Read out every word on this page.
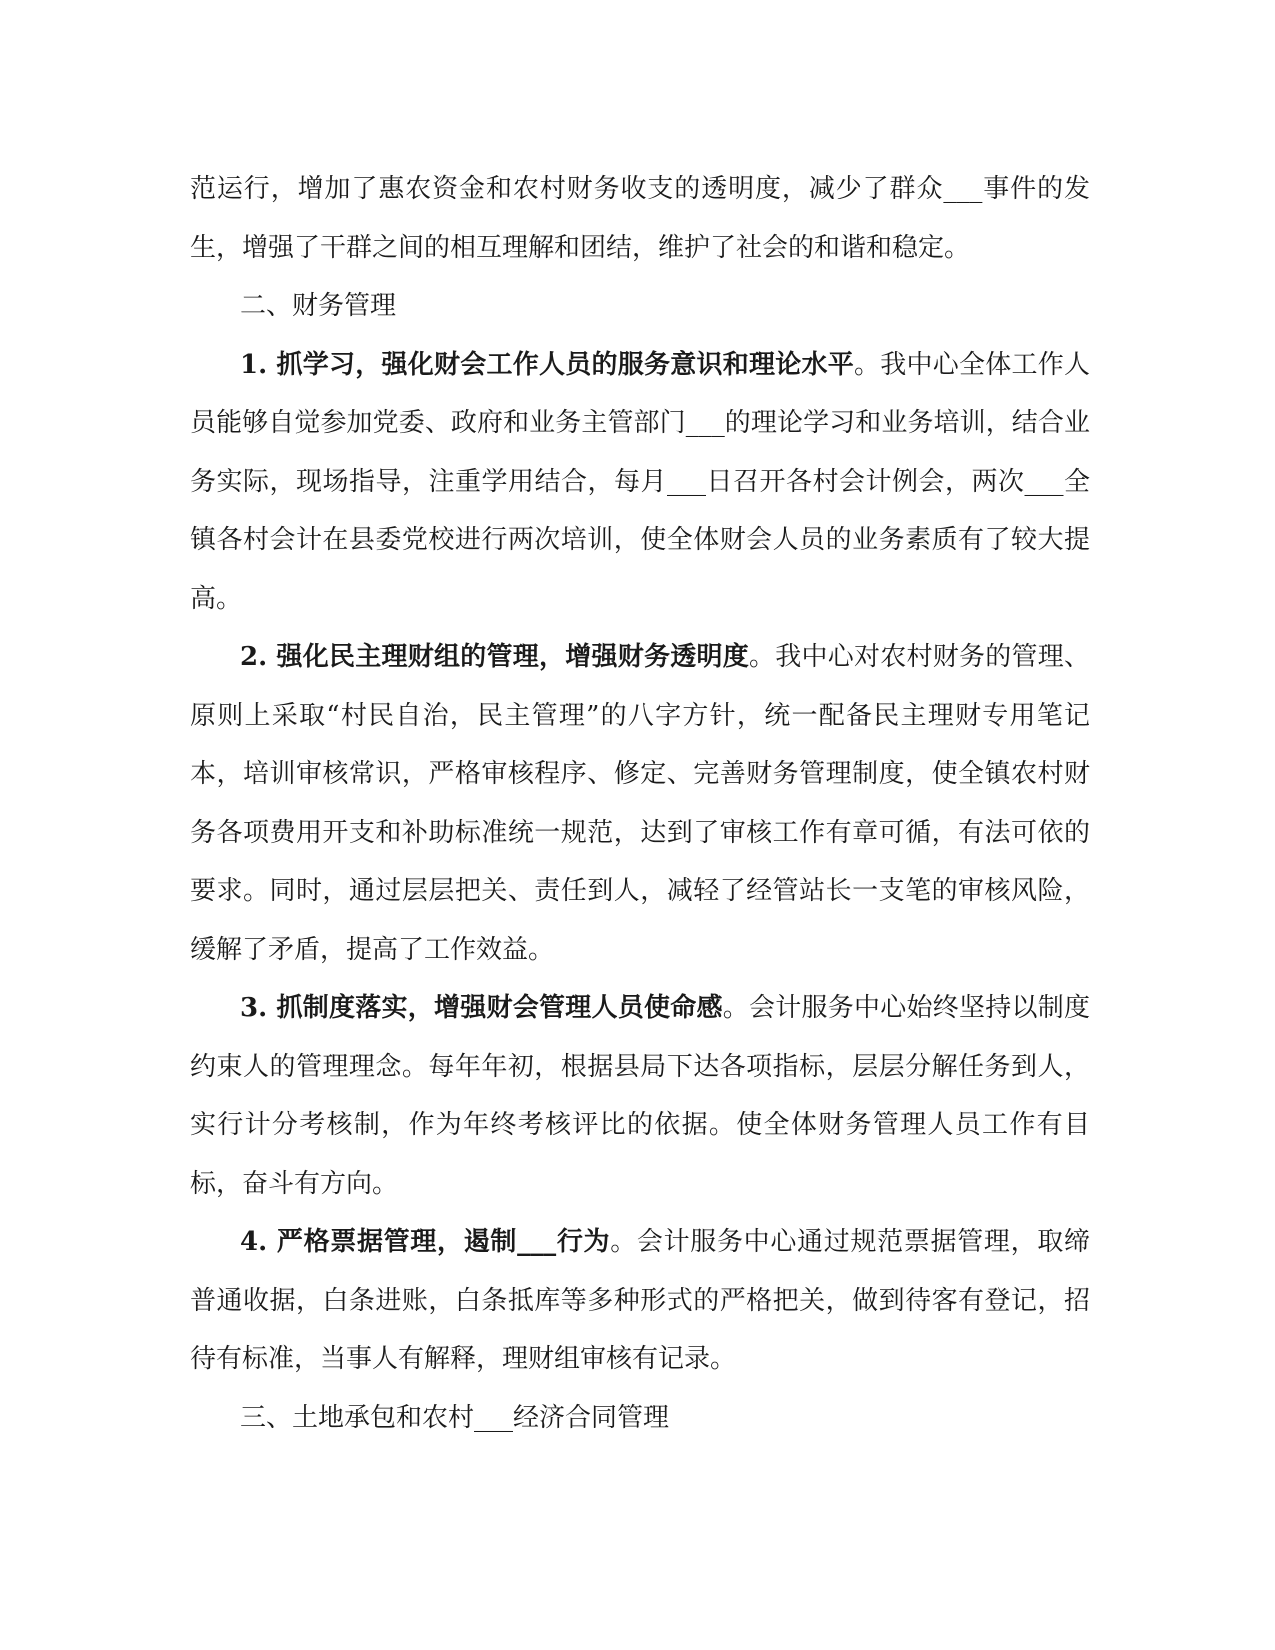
范运行，增加了惠农资金和农村财务收支的透明度，减少了群众___事件的发生，增强了干群之间的相互理解和团结，维护了社会的和谐和稳定。

二、财务管理

1. 抓学习，强化财会工作人员的服务意识和理论水平。我中心全体工作人员能够自觉参加党委、政府和业务主管部门___的理论学习和业务培训，结合业务实际，现场指导，注重学用结合，每月___日召开各村会计例会，两次___全镇各村会计在县委党校进行两次培训，使全体财会人员的业务素质有了较大提高。

2. 强化民主理财组的管理，增强财务透明度。我中心对农村财务的管理、原则上采取“村民自治，民主管理”的八字方针，统一配备民主理财专用笔记本，培训审核常识，严格审核程序、修定、完善财务管理制度，使全镇农村财务各项费用开支和补助标准统一规范，达到了审核工作有章可循，有法可依的要求。同时，通过层层把关、责任到人，减轻了经管站长一支笔的审核风险，缓解了矛盾，提高了工作效益。

3. 抓制度落实，增强财会管理人员使命感。会计服务中心始终坚持以制度约束人的管理理念。每年年初，根据县局下达各项指标，层层分解任务到人，实行计分考核制，作为年终考核评比的依据。使全体财务管理人员工作有目标，奋斗有方向。

4. 严格票据管理，遏制___行为。会计服务中心通过规范票据管理，取缔普通收据，白条进账，白条抵库等多种形式的严格把关，做到待客有登记，招待有标准，当事人有解释，理财组审核有记录。

三、土地承包和农村___经济合同管理
